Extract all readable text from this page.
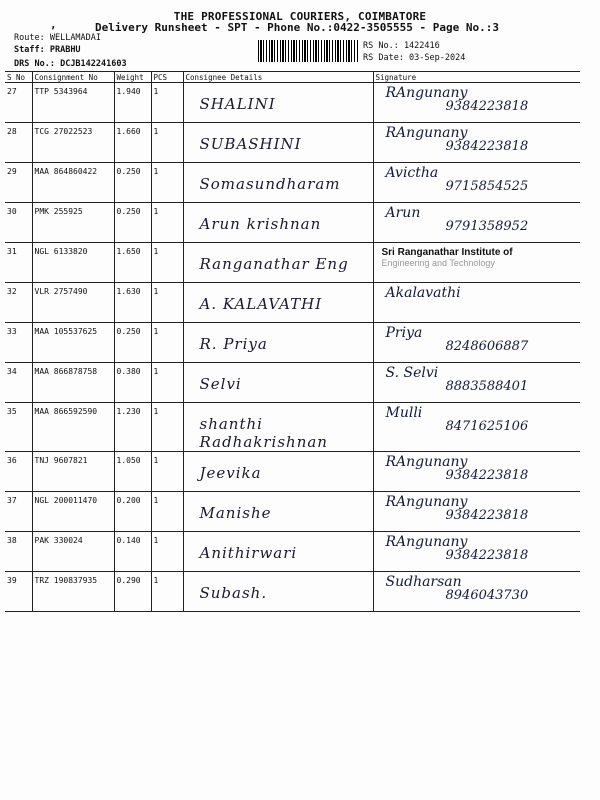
THE PROFESSIONAL COURIERS, COIMBATORE
,	Delivery Runsheet - SPT - Phone No.:0422-3505555 - Page No.:3
Route: WELLAMADAI
Staff: PRABHU
DRS No.: DCJB142241603
RS No.: 1422416
RS Date: 03-Sep-2024
S No	Consignment No	Weight	PCS	Consignee Details	Signature
27	TTP 5343964	1.940	1	SHALINI	RAngunany
9384223818

28	TCG 27022523	1.660	1	SUBASHINI	RAngunany
9384223818

29	MAA 864860422	0.250	1	Somasundharam	Avictha
9715854525

30	PMK 255925	0.250	1	Arun krishnan	Arun
9791358952

31	NGL 6133820	1.650	1	Ranganathar Eng	Sri Ranganathar Institute of
Engineering and Technology

32	VLR 2757490	1.630	1	A. KALAVATHI	Akalavathi

33	MAA 105537625	0.250	1	R. Priya	Priya
8248606887

34	MAA 866878758	0.380	1	Selvi	S. Selvi
8883588401

35	MAA 866592590	1.230	1	shanthi Radhakrishnan	Mulli
8471625106

36	TNJ 9607821	1.050	1	Jeevika	RAngunany
9384223818

37	NGL 200011470	0.200	1	Manishe	RAngunany
9384223818

38	PAK 330024	0.140	1	Anithirwari	RAngunany
9384223818

39	TRZ 190837935	0.290	1	Subash.	Sudharsan
8946043730
